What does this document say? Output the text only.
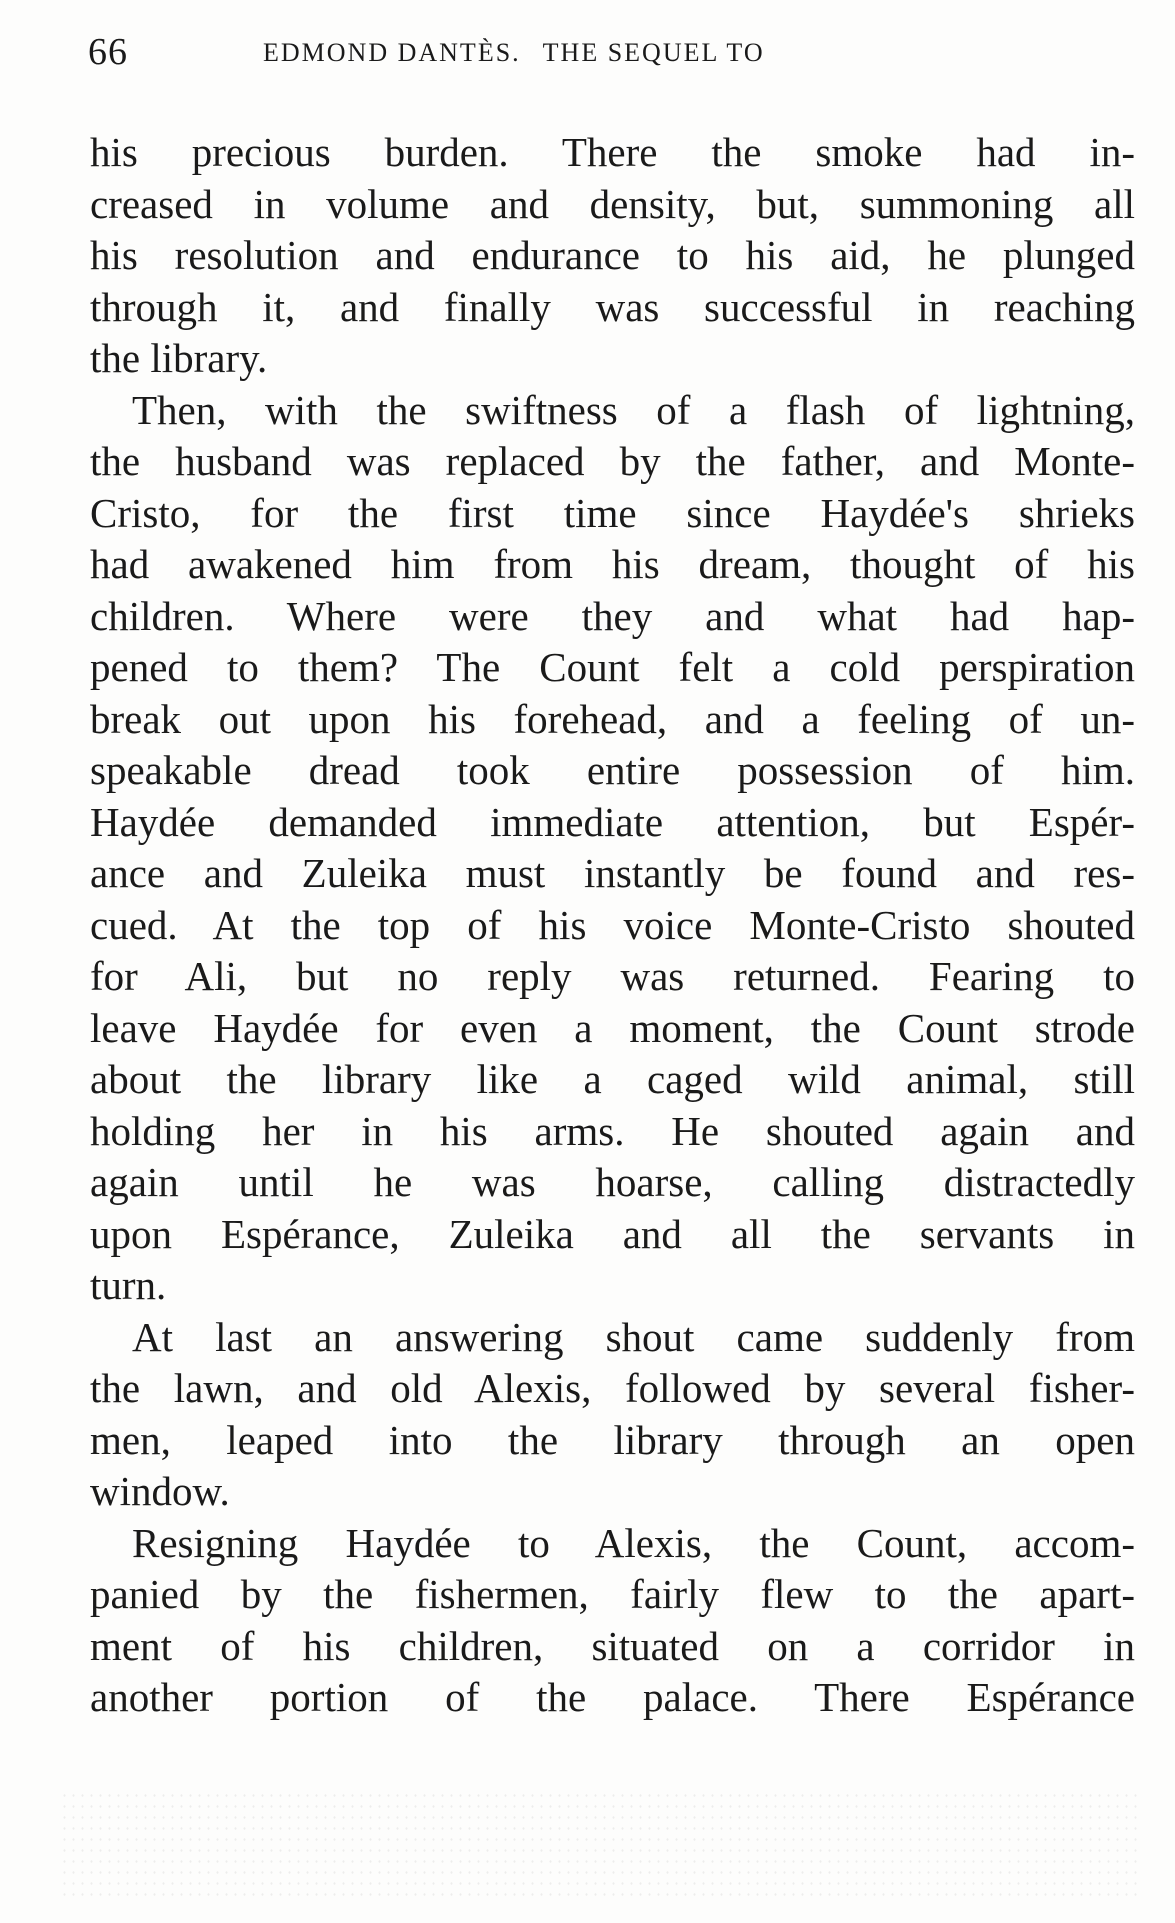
66	EDMOND DANTÈS. THE SEQUEL TO
his precious burden. There the smoke had in-
creased in volume and density, but, summoning all
his resolution and endurance to his aid, he plunged
through it, and finally was successful in reaching
the library.
Then, with the swiftness of a flash of lightning,
the husband was replaced by the father, and Monte-
Cristo, for the first time since Haydée's shrieks
had awakened him from his dream, thought of his
children. Where were they and what had hap-
pened to them? The Count felt a cold perspiration
break out upon his forehead, and a feeling of un-
speakable dread took entire possession of him.
Haydée demanded immediate attention, but Espér-
ance and Zuleika must instantly be found and res-
cued. At the top of his voice Monte-Cristo shouted
for Ali, but no reply was returned. Fearing to
leave Haydée for even a moment, the Count strode
about the library like a caged wild animal, still
holding her in his arms. He shouted again and
again until he was hoarse, calling distractedly
upon Espérance, Zuleika and all the servants in
turn.
At last an answering shout came suddenly from
the lawn, and old Alexis, followed by several fisher-
men, leaped into the library through an open
window.
Resigning Haydée to Alexis, the Count, accom-
panied by the fishermen, fairly flew to the apart-
ment of his children, situated on a corridor in
another portion of the palace. There Espérance
